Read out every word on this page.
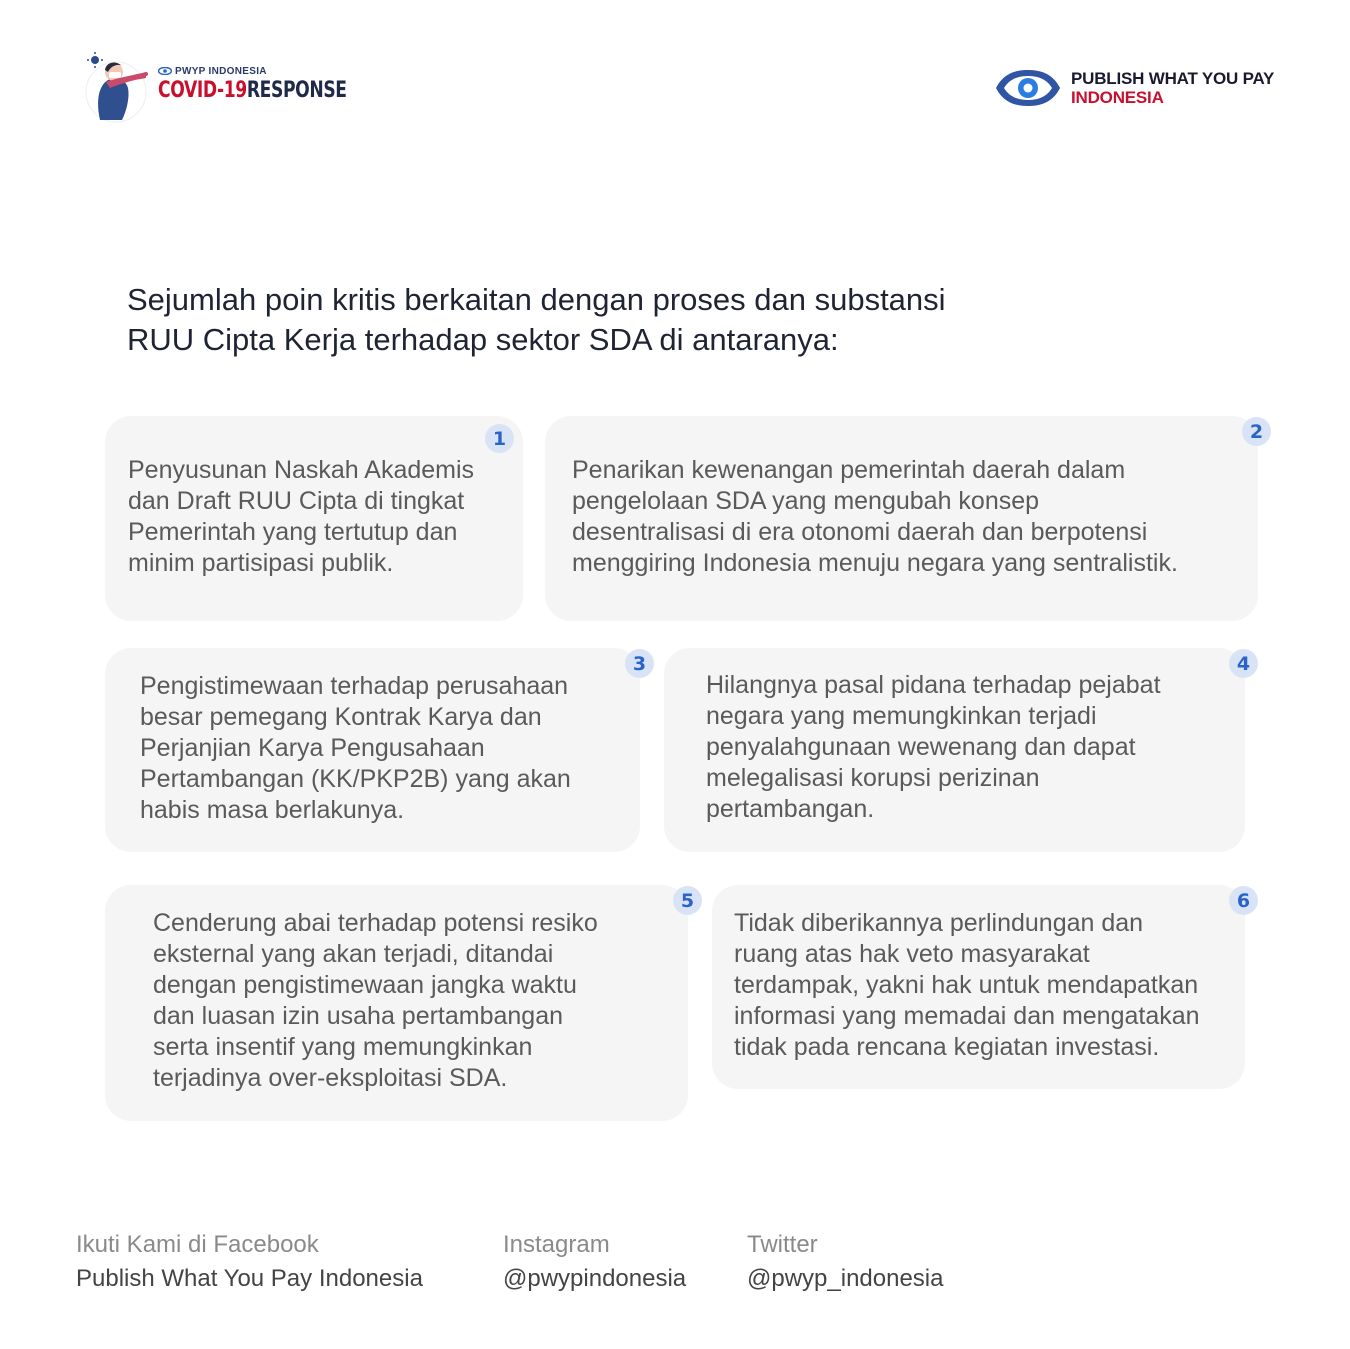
PWYP INDONESIA
COVID-19RESPONSE	PUBLISH WHAT YOU PAY
INDONESIA
Sejumlah poin kritis berkaitan dengan proses dan substansi
RUU Cipta Kerja terhadap sektor SDA di antaranya:
1
Penyusunan Naskah Akademis
dan Draft RUU Cipta di tingkat
Pemerintah yang tertutup dan
minim partisipasi publik.
2
Penarikan kewenangan pemerintah daerah dalam
pengelolaan SDA yang mengubah konsep
desentralisasi di era otonomi daerah dan berpotensi
menggiring Indonesia menuju negara yang sentralistik.
3
Pengistimewaan terhadap perusahaan
besar pemegang Kontrak Karya dan
Perjanjian Karya Pengusahaan
Pertambangan (KK/PKP2B) yang akan
habis masa berlakunya.
4
Hilangnya pasal pidana terhadap pejabat
negara yang memungkinkan terjadi
penyalahgunaan wewenang dan dapat
melegalisasi korupsi perizinan
pertambangan.
5
Cenderung abai terhadap potensi resiko
eksternal yang akan terjadi, ditandai
dengan pengistimewaan jangka waktu
dan luasan izin usaha pertambangan
serta insentif yang memungkinkan
terjadinya over-eksploitasi SDA.
6
Tidak diberikannya perlindungan dan
ruang atas hak veto masyarakat
terdampak, yakni hak untuk mendapatkan
informasi yang memadai dan mengatakan
tidak pada rencana kegiatan investasi.
Ikuti Kami di Facebook
Publish What You Pay Indonesia
Instagram
@pwypindonesia
Twitter
@pwyp_indonesia
